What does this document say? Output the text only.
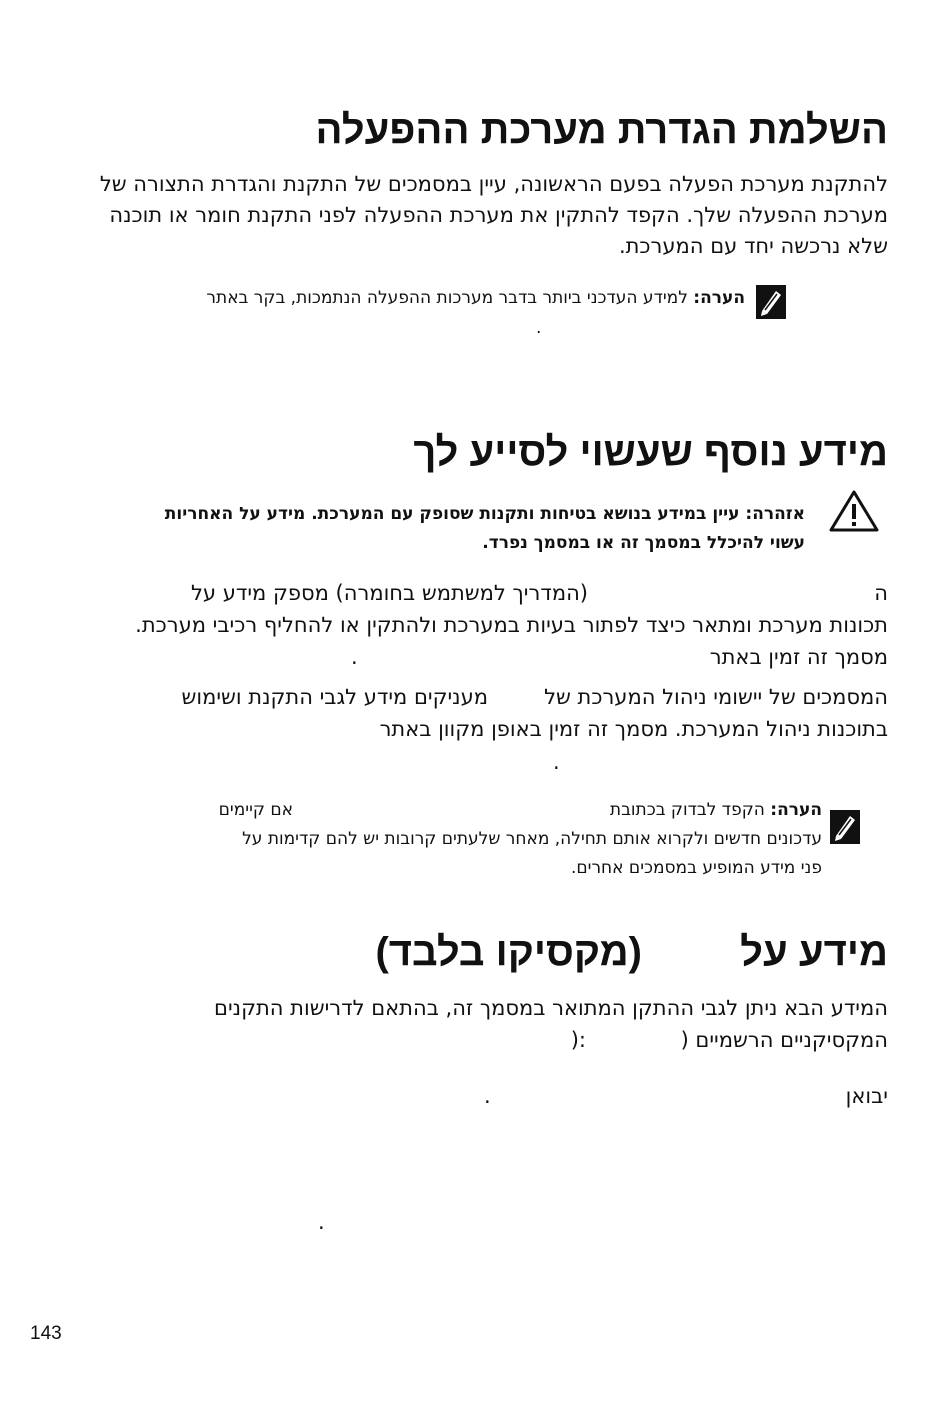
השלמת הגדרת מערכת ההפעלה
להתקנת מערכת הפעלה בפעם הראשונה, עיין במסמכים של התקנת והגדרת התצורה של
מערכת ההפעלה שלך. הקפד להתקין את מערכת ההפעלה לפני התקנת חומר או תוכנה
שלא נרכשה יחד עם המערכת.
הערה: למידע העדכני ביותר בדבר מערכות ההפעלה הנתמכות, בקר באתר
.
מידע נוסף שעשוי לסייע לך
אזהרה: עיין במידע בנושא בטיחות ותקנות שסופק עם המערכת. מידע על האחריות
עשוי להיכלל במסמך זה או במסמך נפרד.
ה
(המדריך למשתמש בחומרה) מספק מידע על
תכונות מערכת ומתאר כיצד לפתור בעיות במערכת ולהתקין או להחליף רכיבי מערכת.
מסמך זה זמין באתר
.
המסמכים של יישומי ניהול המערכת של
מעניקים מידע לגבי התקנת ושימוש
בתוכנות ניהול המערכת. מסמך זה זמין באופן מקוון באתר
.
הערה: הקפד לבדוק בכתובת
אם קיימים
עדכונים חדשים ולקרוא אותם תחילה, מאחר שלעתים קרובות יש להם קדימות על
פני מידע המופיע במסמכים אחרים.
מידע על
(מקסיקו בלבד)
המידע הבא ניתן לגבי ההתקן המתואר במסמך זה, בהתאם לדרישות התקנים
המקסיקניים הרשמיים (
):
יבואן
.
.
143
